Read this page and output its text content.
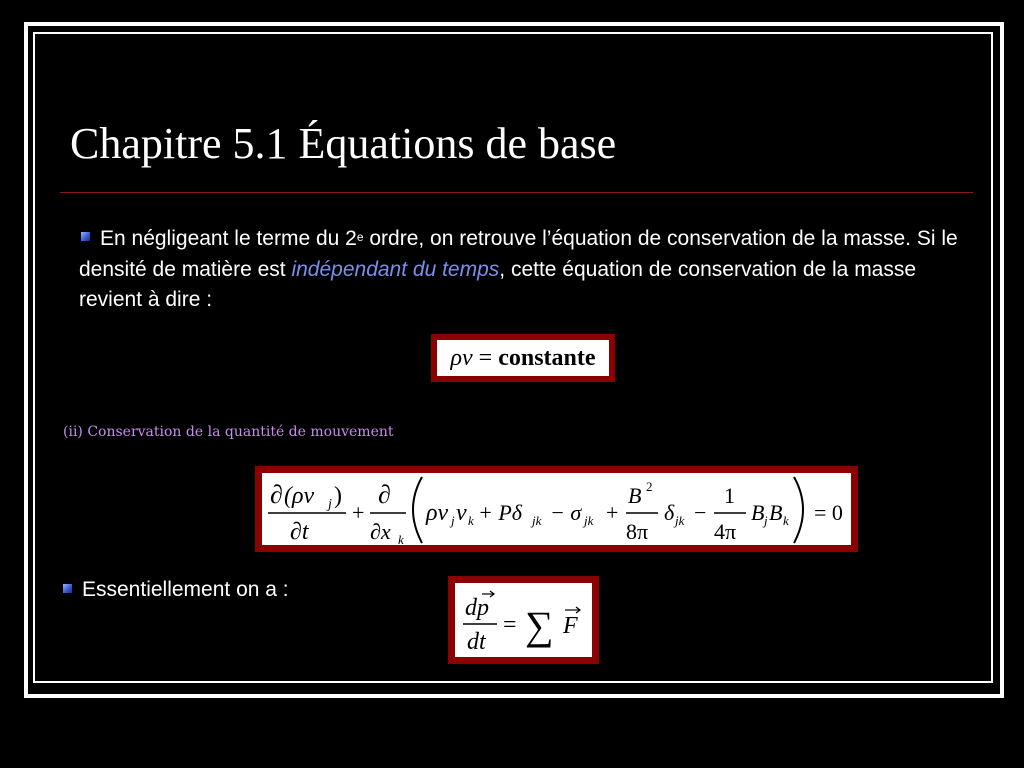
Chapitre 5.1 Équations de base
En négligeant le terme du 2e ordre, on retrouve l’équation de conservation de la masse. Si le densité de matière est indépendant du temps, cette équation de conservation de la masse revient à dire :
ρv = constante
(ii) Conservation de la quantité de mouvement
∂ (ρv j )
∂t
+
∂
∂x k
ρv j v k + Pδ jk − σ jk +
B 2
8π
δ jk −
1
4π
B j B k = 0
Essentiellement on a :
dp
dt
= ∑ F
